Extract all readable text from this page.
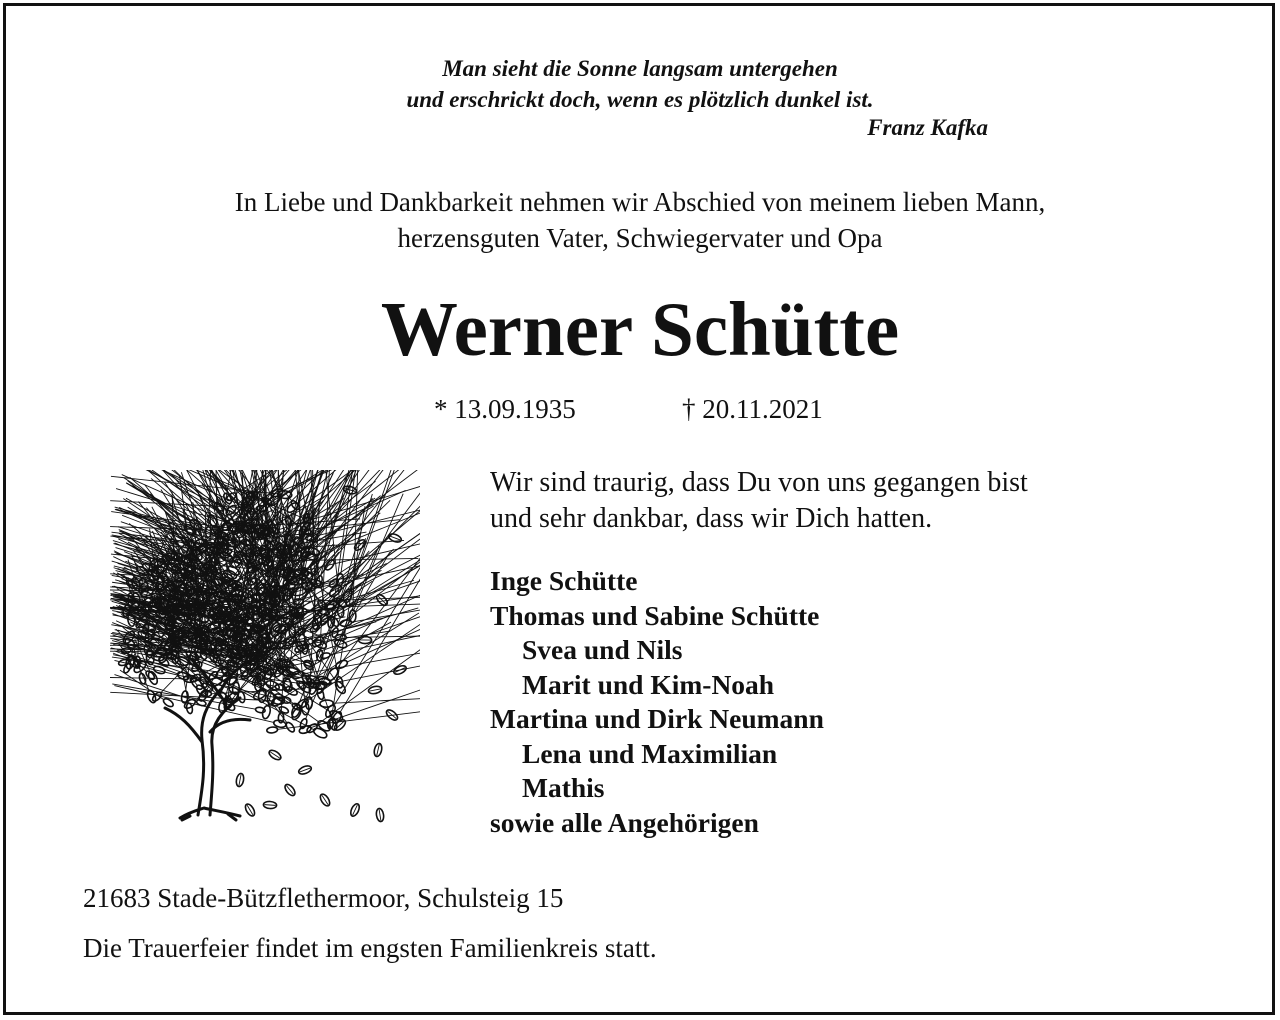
Man sieht die Sonne langsam untergehen
und erschrickt doch, wenn es plötzlich dunkel ist.
Franz Kafka
In Liebe und Dankbarkeit nehmen wir Abschied von meinem lieben Mann,
herzensguten Vater, Schwiegervater und Opa
Werner Schütte
* 13.09.1935	† 20.11.2021
Wir sind traurig, dass Du von uns gegangen bist
und sehr dankbar, dass wir Dich hatten.
Inge Schütte
Thomas und Sabine Schütte
Svea und Nils
Marit und Kim-Noah
Martina und Dirk Neumann
Lena und Maximilian
Mathis
sowie alle Angehörigen
21683 Stade-Bützflethermoor, Schulsteig 15
Die Trauerfeier findet im engsten Familienkreis statt.
